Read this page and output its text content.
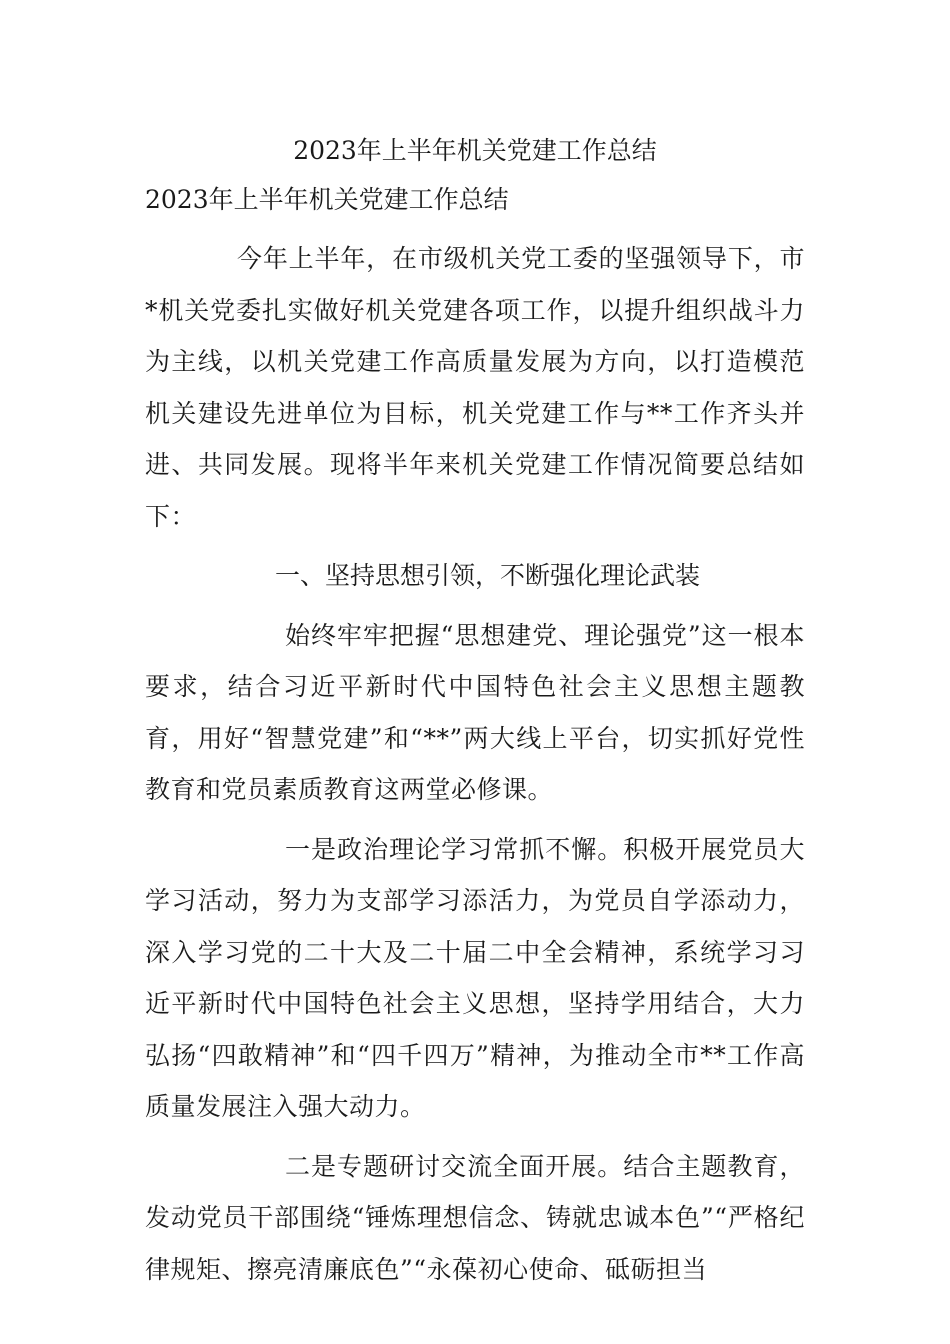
2023年上半年机关党建工作总结
2023年上半年机关党建工作总结

今年上半年，在市级机关党工委的坚强领导下，市*机关党委扎实做好机关党建各项工作，以提升组织战斗力为主线，以机关党建工作高质量发展为方向，以打造模范机关建设先进单位为目标，机关党建工作与**工作齐头并进、共同发展。现将半年来机关党建工作情况简要总结如下：

一、坚持思想引领，不断强化理论武装

始终牢牢把握“思想建党、理论强党”这一根本要求，结合习近平新时代中国特色社会主义思想主题教育，用好“智慧党建”和“**”两大线上平台，切实抓好党性教育和党员素质教育这两堂必修课。

一是政治理论学习常抓不懈。积极开展党员大学习活动，努力为支部学习添活力，为党员自学添动力，深入学习党的二十大及二十届二中全会精神，系统学习习近平新时代中国特色社会主义思想，坚持学用结合，大力弘扬“四敢精神”和“四千四万”精神，为推动全市**工作高质量发展注入强大动力。

二是专题研讨交流全面开展。结合主题教育，发动党员干部围绕“锤炼理想信念、铸就忠诚本色”“严格纪律规矩、擦亮清廉底色”“永葆初心使命、砥砺担当
